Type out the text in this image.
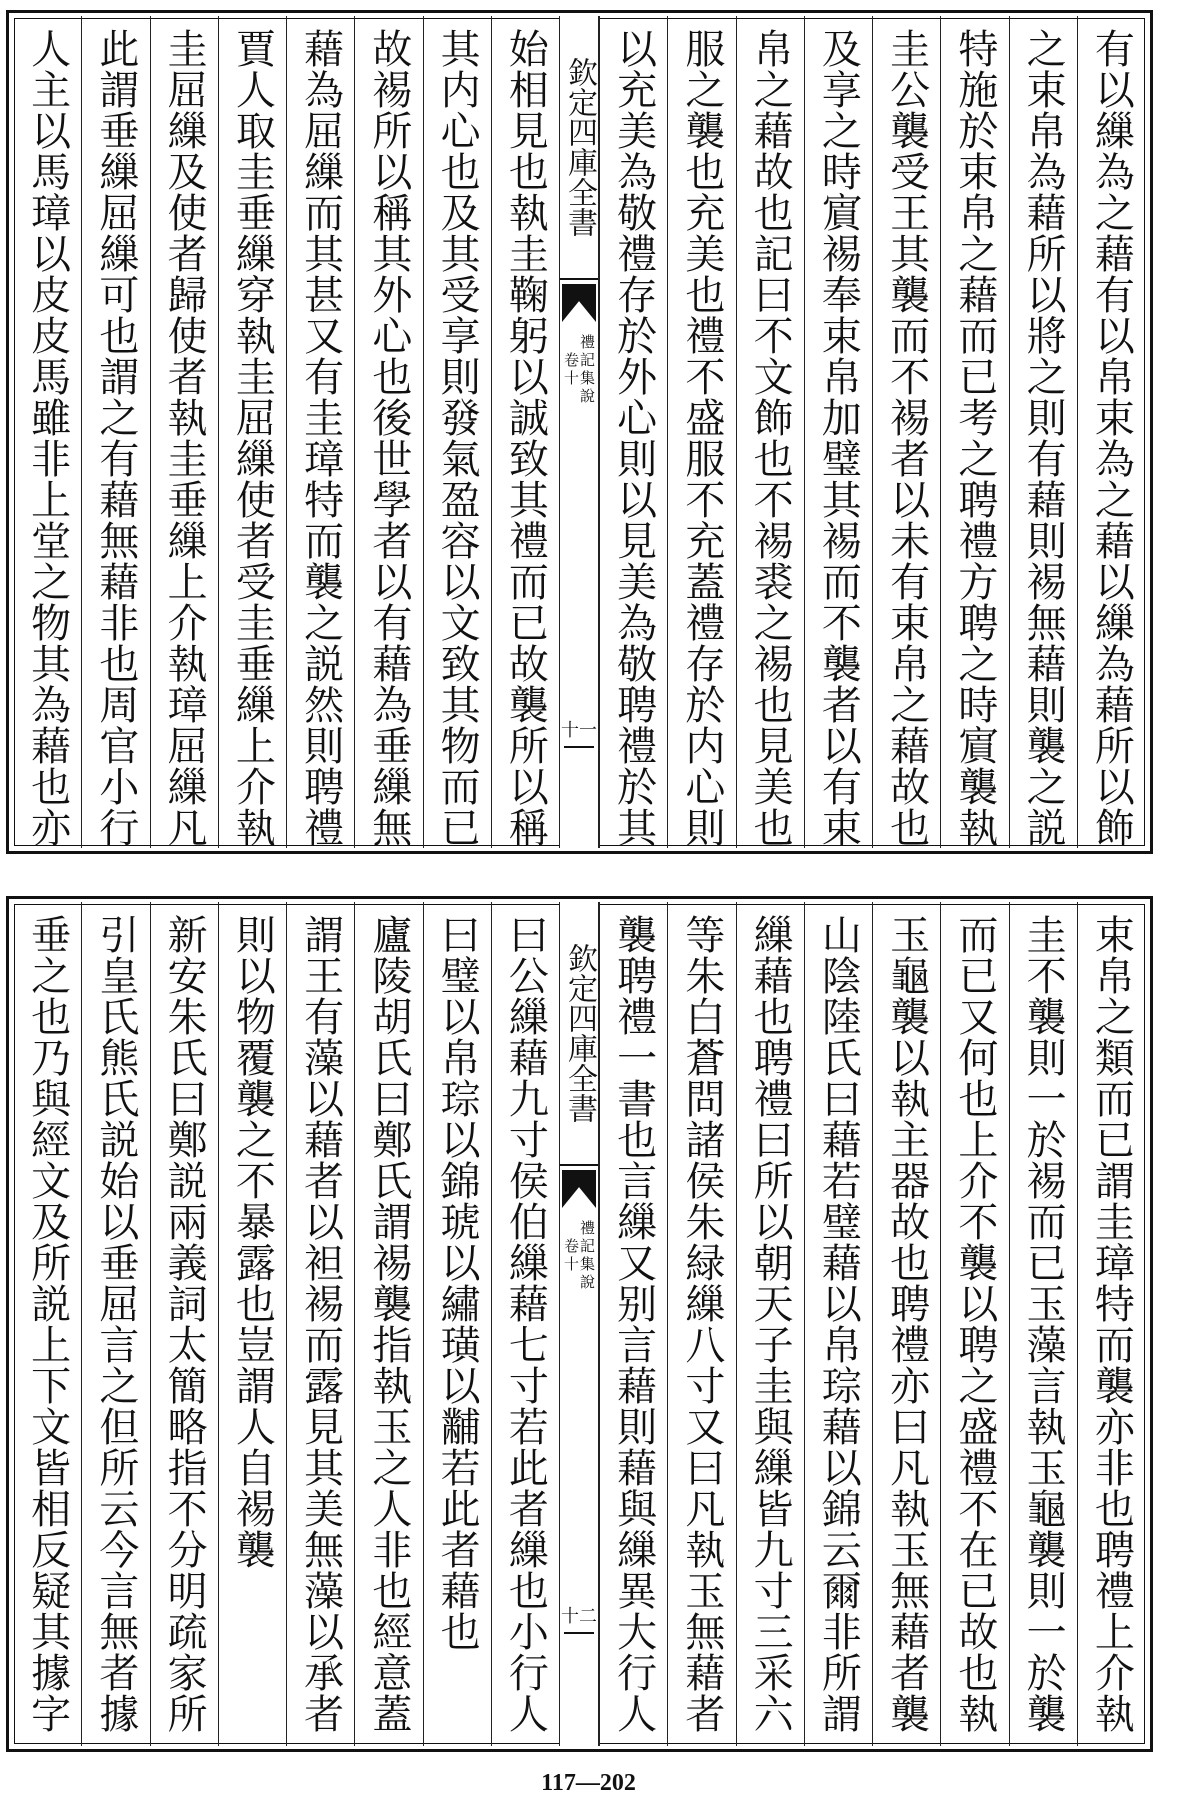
有以繅為之藉有以帛束為之藉以繅為藉所以飾
之束帛為藉所以將之則有藉則裼無藉則襲之説
特施於束帛之藉而已考之聘禮方聘之時賔襲執
圭公襲受王其襲而不裼者以未有束帛之藉故也
及享之時賔裼奉束帛加璧其裼而不襲者以有束
帛之藉故也記曰不文飾也不裼裘之裼也見美也
服之襲也充美也禮不盛服不充蓋禮存於内心則
以充美為敬禮存於外心則以見美為敬聘禮於其
欽定四庫全書
禮記集說
卷十
十一
始相見也執圭鞠躬以誠致其禮而已故襲所以稱
其内心也及其受享則發氣盈容以文致其物而已
故裼所以稱其外心也後世學者以有藉為垂繅無
藉為屈繅而其甚又有圭璋特而襲之説然則聘禮
賈人取圭垂繅穿執圭屈繅使者受圭垂繅上介執
圭屈繅及使者歸使者執圭垂繅上介執璋屈繅凡
此謂垂繅屈繅可也謂之有藉無藉非也周官小行
人主以馬璋以皮皮馬雖非上堂之物其為藉也亦
束帛之類而已謂圭璋特而襲亦非也聘禮上介執
圭不襲則一於裼而已玉藻言執玉龜襲則一於襲
而已又何也上介不襲以聘之盛禮不在已故也執
玉龜襲以執主器故也聘禮亦曰凡執玉無藉者襲
山陰陸氏曰藉若璧藉以帛琮藉以錦云爾非所謂
繅藉也聘禮曰所以朝天子圭與繅皆九寸三采六
等朱白蒼問諸侯朱緑繅八寸又曰凡執玉無藉者
襲聘禮一書也言繅又别言藉則藉與繅異大行人
欽定四庫全書
禮記集說
卷十
十二
曰公繅藉九寸侯伯繅藉七寸若此者繅也小行人
曰璧以帛琮以錦琥以繡璜以黼若此者藉也
廬陵胡氏曰鄭氏謂裼襲指執玉之人非也經意蓋
謂王有藻以藉者以袒裼而露見其美無藻以承者
則以物覆襲之不暴露也豈謂人自裼襲
新安朱氏曰鄭説兩義詞太簡略指不分明疏家所
引皇氏熊氏説始以垂屈言之但所云今言無者據
垂之也乃與經文及所説上下文皆相反疑其據字
117—202
